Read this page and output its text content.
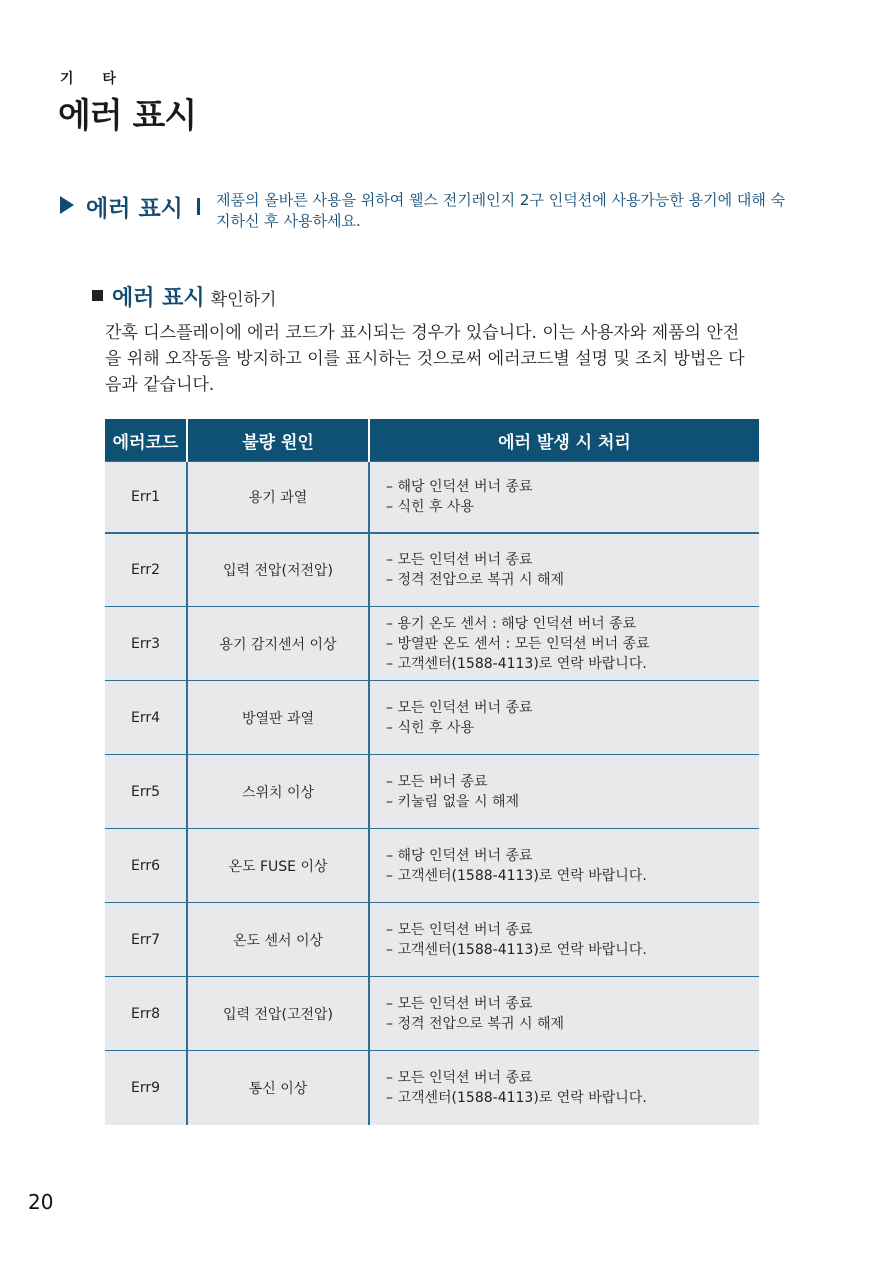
기 타
에러 표시
에러 표시 제품의 올바른 사용을 위하여 웰스 전기레인지 2구 인덕션에 사용가능한 용기에 대해 숙지하신 후 사용하세요.
에러 표시 확인하기
간혹 디스플레이에 에러 코드가 표시되는 경우가 있습니다. 이는 사용자와 제품의 안전을 위해 오작동을 방지하고 이를 표시하는 것으로써 에러코드별 설명 및 조치 방법은 다음과 같습니다.
에러코드	불량 원인	에러 발생 시 처리
Err1	용기 과열	– 해당 인덕션 버너 종료
– 식힌 후 사용

Err2	입력 전압(저전압)	– 모든 인덕션 버너 종료
– 정격 전압으로 복귀 시 해제

Err3	용기 감지센서 이상	– 용기 온도 센서 : 해당 인덕션 버너 종료
– 방열판 온도 센서 : 모든 인덕션 버너 종료
– 고객센터(1588-4113)로 연락 바랍니다.

Err4	방열판 과열	– 모든 인덕션 버너 종료
– 식힌 후 사용

Err5	스위치 이상	– 모든 버너 종료
– 키눌림 없을 시 해제

Err6	온도 FUSE 이상	– 해당 인덕션 버너 종료
– 고객센터(1588-4113)로 연락 바랍니다.

Err7	온도 센서 이상	– 모든 인덕션 버너 종료
– 고객센터(1588-4113)로 연락 바랍니다.

Err8	입력 전압(고전압)	– 모든 인덕션 버너 종료
– 정격 전압으로 복귀 시 해제

Err9	통신 이상	– 모든 인덕션 버너 종료
– 고객센터(1588-4113)로 연락 바랍니다.
20
